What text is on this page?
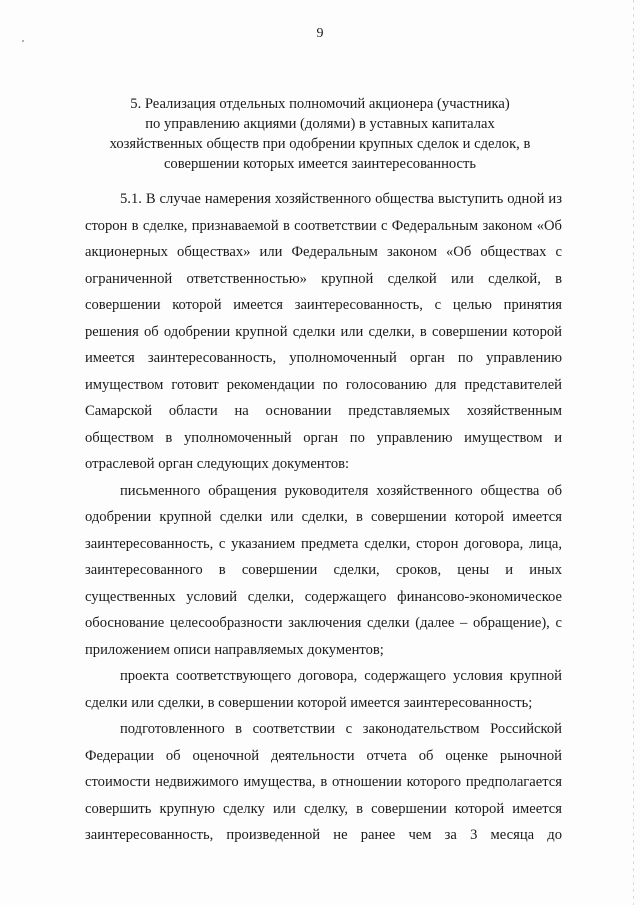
9
5. Реализация отдельных полномочий акционера (участника)
по управлению акциями (долями) в уставных капиталах
хозяйственных обществ при одобрении крупных сделок и сделок, в
совершении которых имеется заинтересованность

5.1. В случае намерения хозяйственного общества выступить одной из сторон в сделке, признаваемой в соответствии с Федеральным законом «Об акционерных обществах» или Федеральным законом «Об обществах с ограниченной ответственностью» крупной сделкой или сделкой, в совершении которой имеется заинтересованность, с целью принятия решения об одобрении крупной сделки или сделки, в совершении которой имеется заинтересованность, уполномоченный орган по управлению имуществом готовит рекомендации по голосованию для представителей Самарской области на основании представляемых хозяйственным обществом в уполномоченный орган по управлению имуществом и отраслевой орган следующих документов:

письменного обращения руководителя хозяйственного общества об одобрении крупной сделки или сделки, в совершении которой имеется заинтересованность, с указанием предмета сделки, сторон договора, лица, заинтересованного в совершении сделки, сроков, цены и иных существенных условий сделки, содержащего финансово-экономическое обоснование целесообразности заключения сделки (далее – обращение), с приложением описи направляемых документов;

проекта соответствующего договора, содержащего условия крупной сделки или сделки, в совершении которой имеется заинтересованность;

подготовленного в соответствии с законодательством Российской Федерации об оценочной деятельности отчета об оценке рыночной стоимости недвижимого имущества, в отношении которого предполагается совершить крупную сделку или сделку, в совершении которой имеется заинтересованность, произведенной не ранее чем за 3 месяца до
